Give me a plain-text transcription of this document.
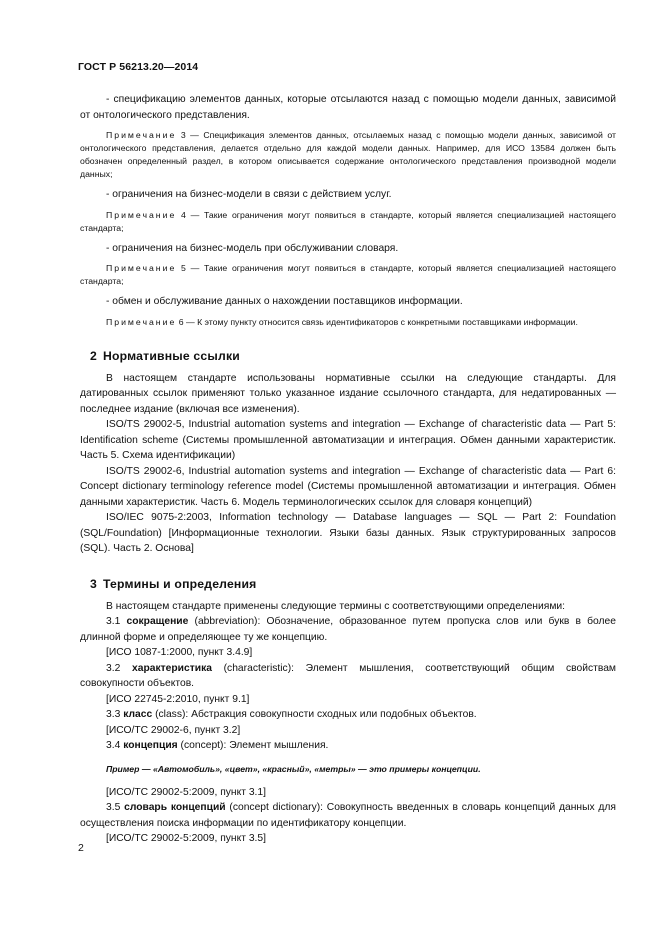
ГОСТ Р 56213.20—2014

- спецификацию элементов данных, которые отсылаются назад с помощью модели данных, зависимой от онтологического представления.

Примечание 3 — Спецификация элементов данных, отсылаемых назад с помощью модели данных, зависимой от онтологического представления, делается отдельно для каждой модели данных. Например, для ИСО 13584 должен быть обозначен определенный раздел, в котором описывается содержание онтологического представления производной модели данных;

- ограничения на бизнес-модели в связи с действием услуг.

Примечание 4 — Такие ограничения могут появиться в стандарте, который является специализацией настоящего стандарта;

- ограничения на бизнес-модель при обслуживании словаря.

Примечание 5 — Такие ограничения могут появиться в стандарте, который является специализацией настоящего стандарта;

- обмен и обслуживание данных о нахождении поставщиков информации.

Примечание 6 — К этому пункту относится связь идентификаторов с конкретными поставщиками информации.

2 Нормативные ссылки

В настоящем стандарте использованы нормативные ссылки на следующие стандарты. Для датированных ссылок применяют только указанное издание ссылочного стандарта, для недатированных — последнее издание (включая все изменения).

ISO/TS 29002-5, Industrial automation systems and integration — Exchange of characteristic data — Part 5: Identification scheme (Системы промышленной автоматизации и интеграция. Обмен данными характеристик. Часть 5. Схема идентификации)

ISO/TS 29002-6, Industrial automation systems and integration — Exchange of characteristic data — Part 6: Concept dictionary terminology reference model (Системы промышленной автоматизации и интеграция. Обмен данными характеристик. Часть 6. Модель терминологических ссылок для словаря концепций)

ISO/IEC 9075-2:2003, Information technology — Database languages — SQL — Part 2: Foundation (SQL/Foundation) [Информационные технологии. Языки базы данных. Язык структурированных запросов (SQL). Часть 2. Основа]

3 Термины и определения

В настоящем стандарте применены следующие термины с соответствующими определениями:

3.1 сокращение (abbreviation): Обозначение, образованное путем пропуска слов или букв в более длинной форме и определяющее ту же концепцию.

[ИСО 1087-1:2000, пункт 3.4.9]

3.2 характеристика (characteristic): Элемент мышления, соответствующий общим свойствам совокупности объектов.

[ИСО 22745-2:2010, пункт 9.1]

3.3 класс (class): Абстракция совокупности сходных или подобных объектов.

[ИСО/ТС 29002-6, пункт 3.2]

3.4 концепция (concept): Элемент мышления.

Пример — «Автомобиль», «цвет», «красный», «метры» — это примеры концепции.

[ИСО/ТС 29002-5:2009, пункт 3.1]

3.5 словарь концепций (concept dictionary): Совокупность введенных в словарь концепций данных для осуществления поиска информации по идентификатору концепции.

[ИСО/ТС 29002-5:2009, пункт 3.5]

2
